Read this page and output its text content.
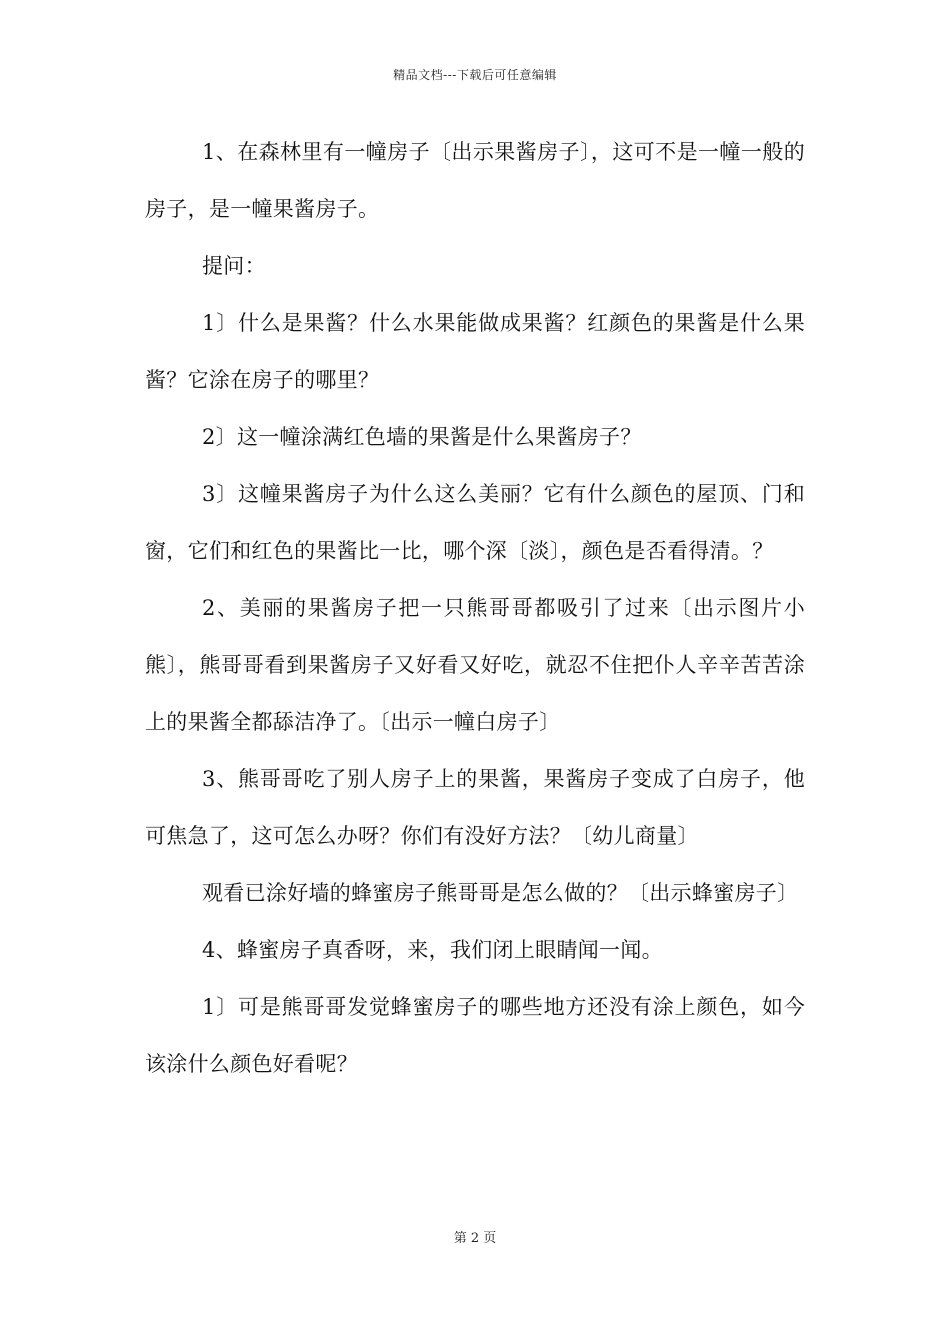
精品文档---下载后可任意编辑

1、在森林里有一幢房子〔出示果酱房子〕，这可不是一幢一般的房子，是一幢果酱房子。

提问：

1〕什么是果酱？什么水果能做成果酱？红颜色的果酱是什么果酱？它涂在房子的哪里？

2〕这一幢涂满红色墙的果酱是什么果酱房子？

3〕这幢果酱房子为什么这么美丽？它有什么颜色的屋顶、门和窗，它们和红色的果酱比一比，哪个深〔淡〕，颜色是否看得清。？

2、美丽的果酱房子把一只熊哥哥都吸引了过来〔出示图片小熊〕，熊哥哥看到果酱房子又好看又好吃，就忍不住把仆人辛辛苦苦涂上的果酱全都舔洁净了。〔出示一幢白房子〕

3、熊哥哥吃了别人房子上的果酱，果酱房子变成了白房子，他可焦急了，这可怎么办呀？你们有没好方法？〔幼儿商量〕

观看已涂好墙的蜂蜜房子熊哥哥是怎么做的？〔出示蜂蜜房子〕

4、蜂蜜房子真香呀，来，我们闭上眼睛闻一闻。

1〕可是熊哥哥发觉蜂蜜房子的哪些地方还没有涂上颜色，如今该涂什么颜色好看呢？

第 2 页
